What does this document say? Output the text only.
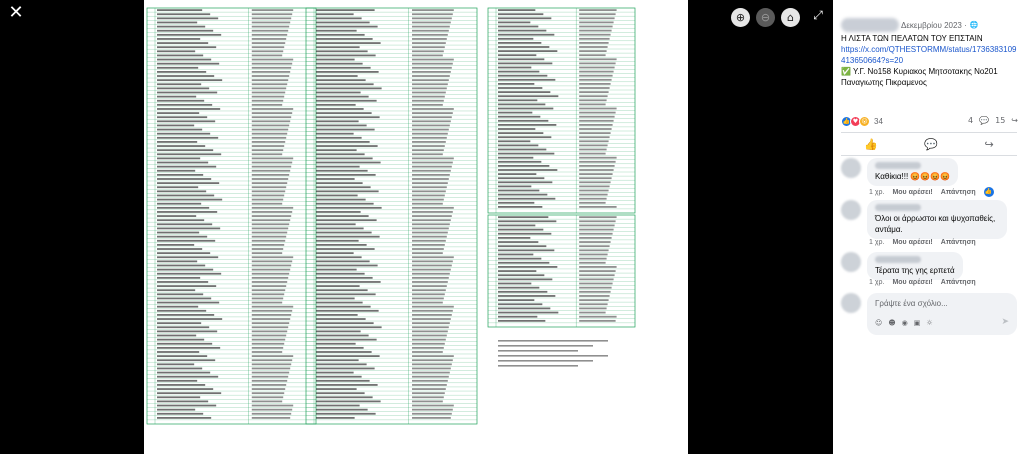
✕	⊕	⊖	⌂	⤢
Δεκεμβρίου 2023 · 🌐
Η ΛΙΣΤΑ ΤΩΝ ΠΕΛΑΤΩΝ ΤΟΥ ΕΠΣΤΑΙΝ
https://x.com/QTHESTORMM/status/1736383109413650664?s=20
✅ Υ.Γ. Νο158 Κυριακος Μητσοτακης Νο201 Παναγιωτης Πικραμενος
👍 ♥ 😮 34	4 💬 15 ↪
👍	💬	↪
Καθίκια!!! 😡😡😡😡
1 χρ. Μου αρέσει! Απάντηση 👍
Όλοι οι άρρωστοι και ψυχοπαθείς, αντάμα.
1 χρ. Μου αρέσει! Απάντηση
Τέρατα της γης ερπετά
1 χρ. Μου αρέσει! Απάντηση
Γράψτε ένα σχόλιο...
☺ ☻ ◉ ▣ ☼	➤
